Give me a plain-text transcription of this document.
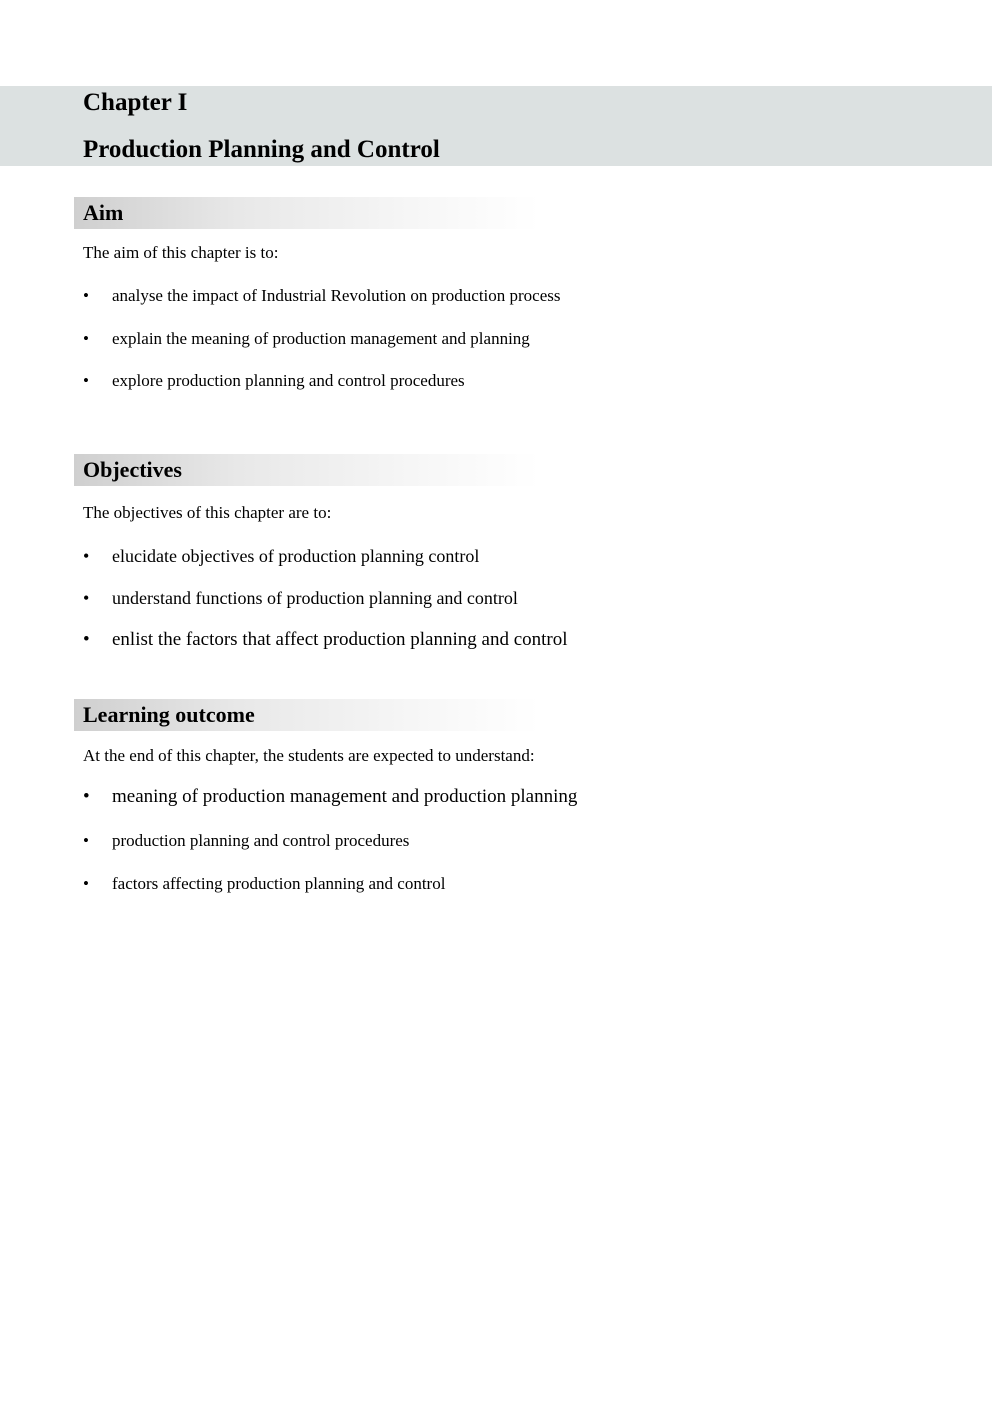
Chapter I
Production Planning and Control
Aim
The aim of this chapter is to:
• analyse the impact of Industrial Revolution on production process
• explain the meaning of production management and planning
• explore production planning and control procedures
Objectives
The objectives of this chapter are to:
• elucidate objectives of production planning control
• understand functions of production planning and control
• enlist the factors that affect production planning and control
Learning outcome
At the end of this chapter, the students are expected to understand:
• meaning of production management and production planning
• production planning and control procedures
• factors affecting production planning and control
